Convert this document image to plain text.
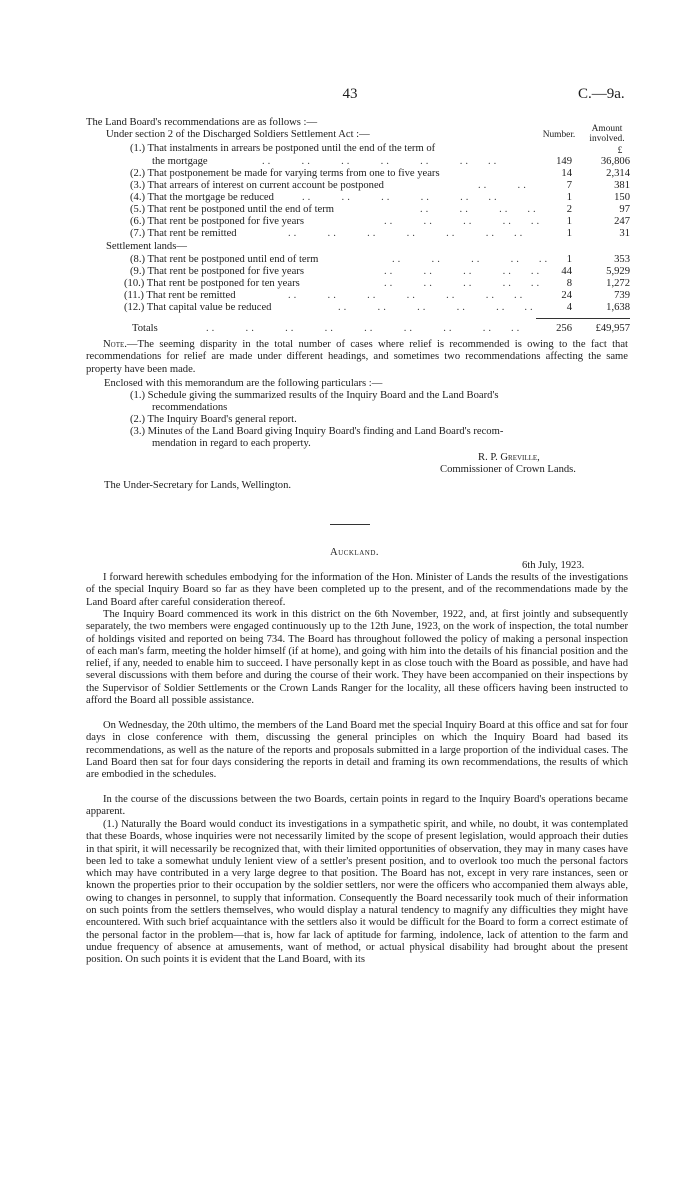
43	C.—9a.
The Land Board's recommendations are as follows :—
Under section 2 of the Discharged Soldiers Settlement Act :—	Number.
Amount involved.
£
(1.) That instalments in arrears be postponed until the end of the term of
the mortgage	..     ..     ..     ..     ..     ..   ..	149	36,806
(2.) That postponement be made for varying terms from one to five years	14	2,314
(3.) That arrears of interest on current account be postponed	..     ..	7	381
(4.) That the mortgage be reduced	..     ..     ..     ..     ..   ..	1	150
(5.) That rent be postponed until the end of term	..     ..     ..   ..	2	97
(6.) That rent be postponed for five years	..     ..     ..     ..   ..	1	247
(7.) That rent be remitted	..     ..     ..     ..     ..     ..   ..	1	31
Settlement lands—
(8.) That rent be postponed until end of term	..     ..     ..     ..   ..	1	353
(9.) That rent be postponed for five years	..     ..     ..     ..   ..	44	5,929
(10.) That rent be postponed for ten years	..     ..     ..     ..   ..	8	1,272
(11.) That rent be remitted	..     ..     ..     ..     ..     ..   ..	24	739
(12.) That capital value be reduced	..     ..     ..     ..     ..   ..	4	1,638
Totals	..     ..     ..     ..     ..     ..     ..     ..   ..	256	£49,957

Note.—The seeming disparity in the total number of cases where relief is recommended is owing to the fact that recommendations for relief are made under different headings, and sometimes two recommendations affecting the same property have been made.

Enclosed with this memorandum are the following particulars :—
(1.) Schedule giving the summarized results of the Inquiry Board and the Land Board's
recommendations
(2.) The Inquiry Board's general report.
(3.) Minutes of the Land Board giving Inquiry Board's finding and Land Board's recom-
mendation in regard to each property.
R. P. Greville,
Commissioner of Crown Lands.
The Under-Secretary for Lands, Wellington.
Auckland.
6th July, 1923.

I forward herewith schedules embodying for the information of the Hon. Minister of Lands the results of the investigations of the special Inquiry Board so far as they have been completed up to the present, and of the recommendations made by the Land Board after careful consideration thereof.

The Inquiry Board commenced its work in this district on the 6th November, 1922, and, at first jointly and subsequently separately, the two members were engaged continuously up to the 12th June, 1923, on the work of inspection, the total number of holdings visited and reported on being 734. The Board has throughout followed the policy of making a personal inspection of each man's farm, meeting the holder himself (if at home), and going with him into the details of his financial position and the relief, if any, needed to enable him to succeed. I have personally kept in as close touch with the Board as possible, and have had several discussions with them before and during the course of their work. They have been accompanied on their inspections by the Supervisor of Soldier Settlements or the Crown Lands Ranger for the locality, all these officers having been instructed to afford the Board all possible assistance.

On Wednesday, the 20th ultimo, the members of the Land Board met the special Inquiry Board at this office and sat for four days in close conference with them, discussing the general principles on which the Inquiry Board had based its recommendations, as well as the nature of the reports and proposals submitted in a large proportion of the individual cases. The Land Board then sat for four days considering the reports in detail and framing its own recommendations, the results of which are embodied in the schedules.

In the course of the discussions between the two Boards, certain points in regard to the Inquiry Board's operations became apparent.

(1.) Naturally the Board would conduct its investigations in a sympathetic spirit, and while, no doubt, it was contemplated that these Boards, whose inquiries were not necessarily limited by the scope of present legislation, would approach their duties in that spirit, it will necessarily be recognized that, with their limited opportunities of observation, they may in many cases have been led to take a somewhat unduly lenient view of a settler's present position, and to overlook too much the personal factors which may have contributed in a very large degree to that position. The Board has not, except in very rare instances, seen or known the properties prior to their occupation by the soldier settlers, nor were the officers who accompanied them always able, owing to changes in personnel, to supply that information. Consequently the Board necessarily took much of their information on such points from the settlers themselves, who would display a natural tendency to magnify any difficulties they might have encountered. With such brief acquaintance with the settlers also it would be difficult for the Board to form a correct estimate of the personal factor in the problem—that is, how far lack of aptitude for farming, indolence, lack of attention to the farm and undue frequency of absence at amusements, want of method, or actual physical disability had brought about the present position. On such points it is evident that the Land Board, with its
